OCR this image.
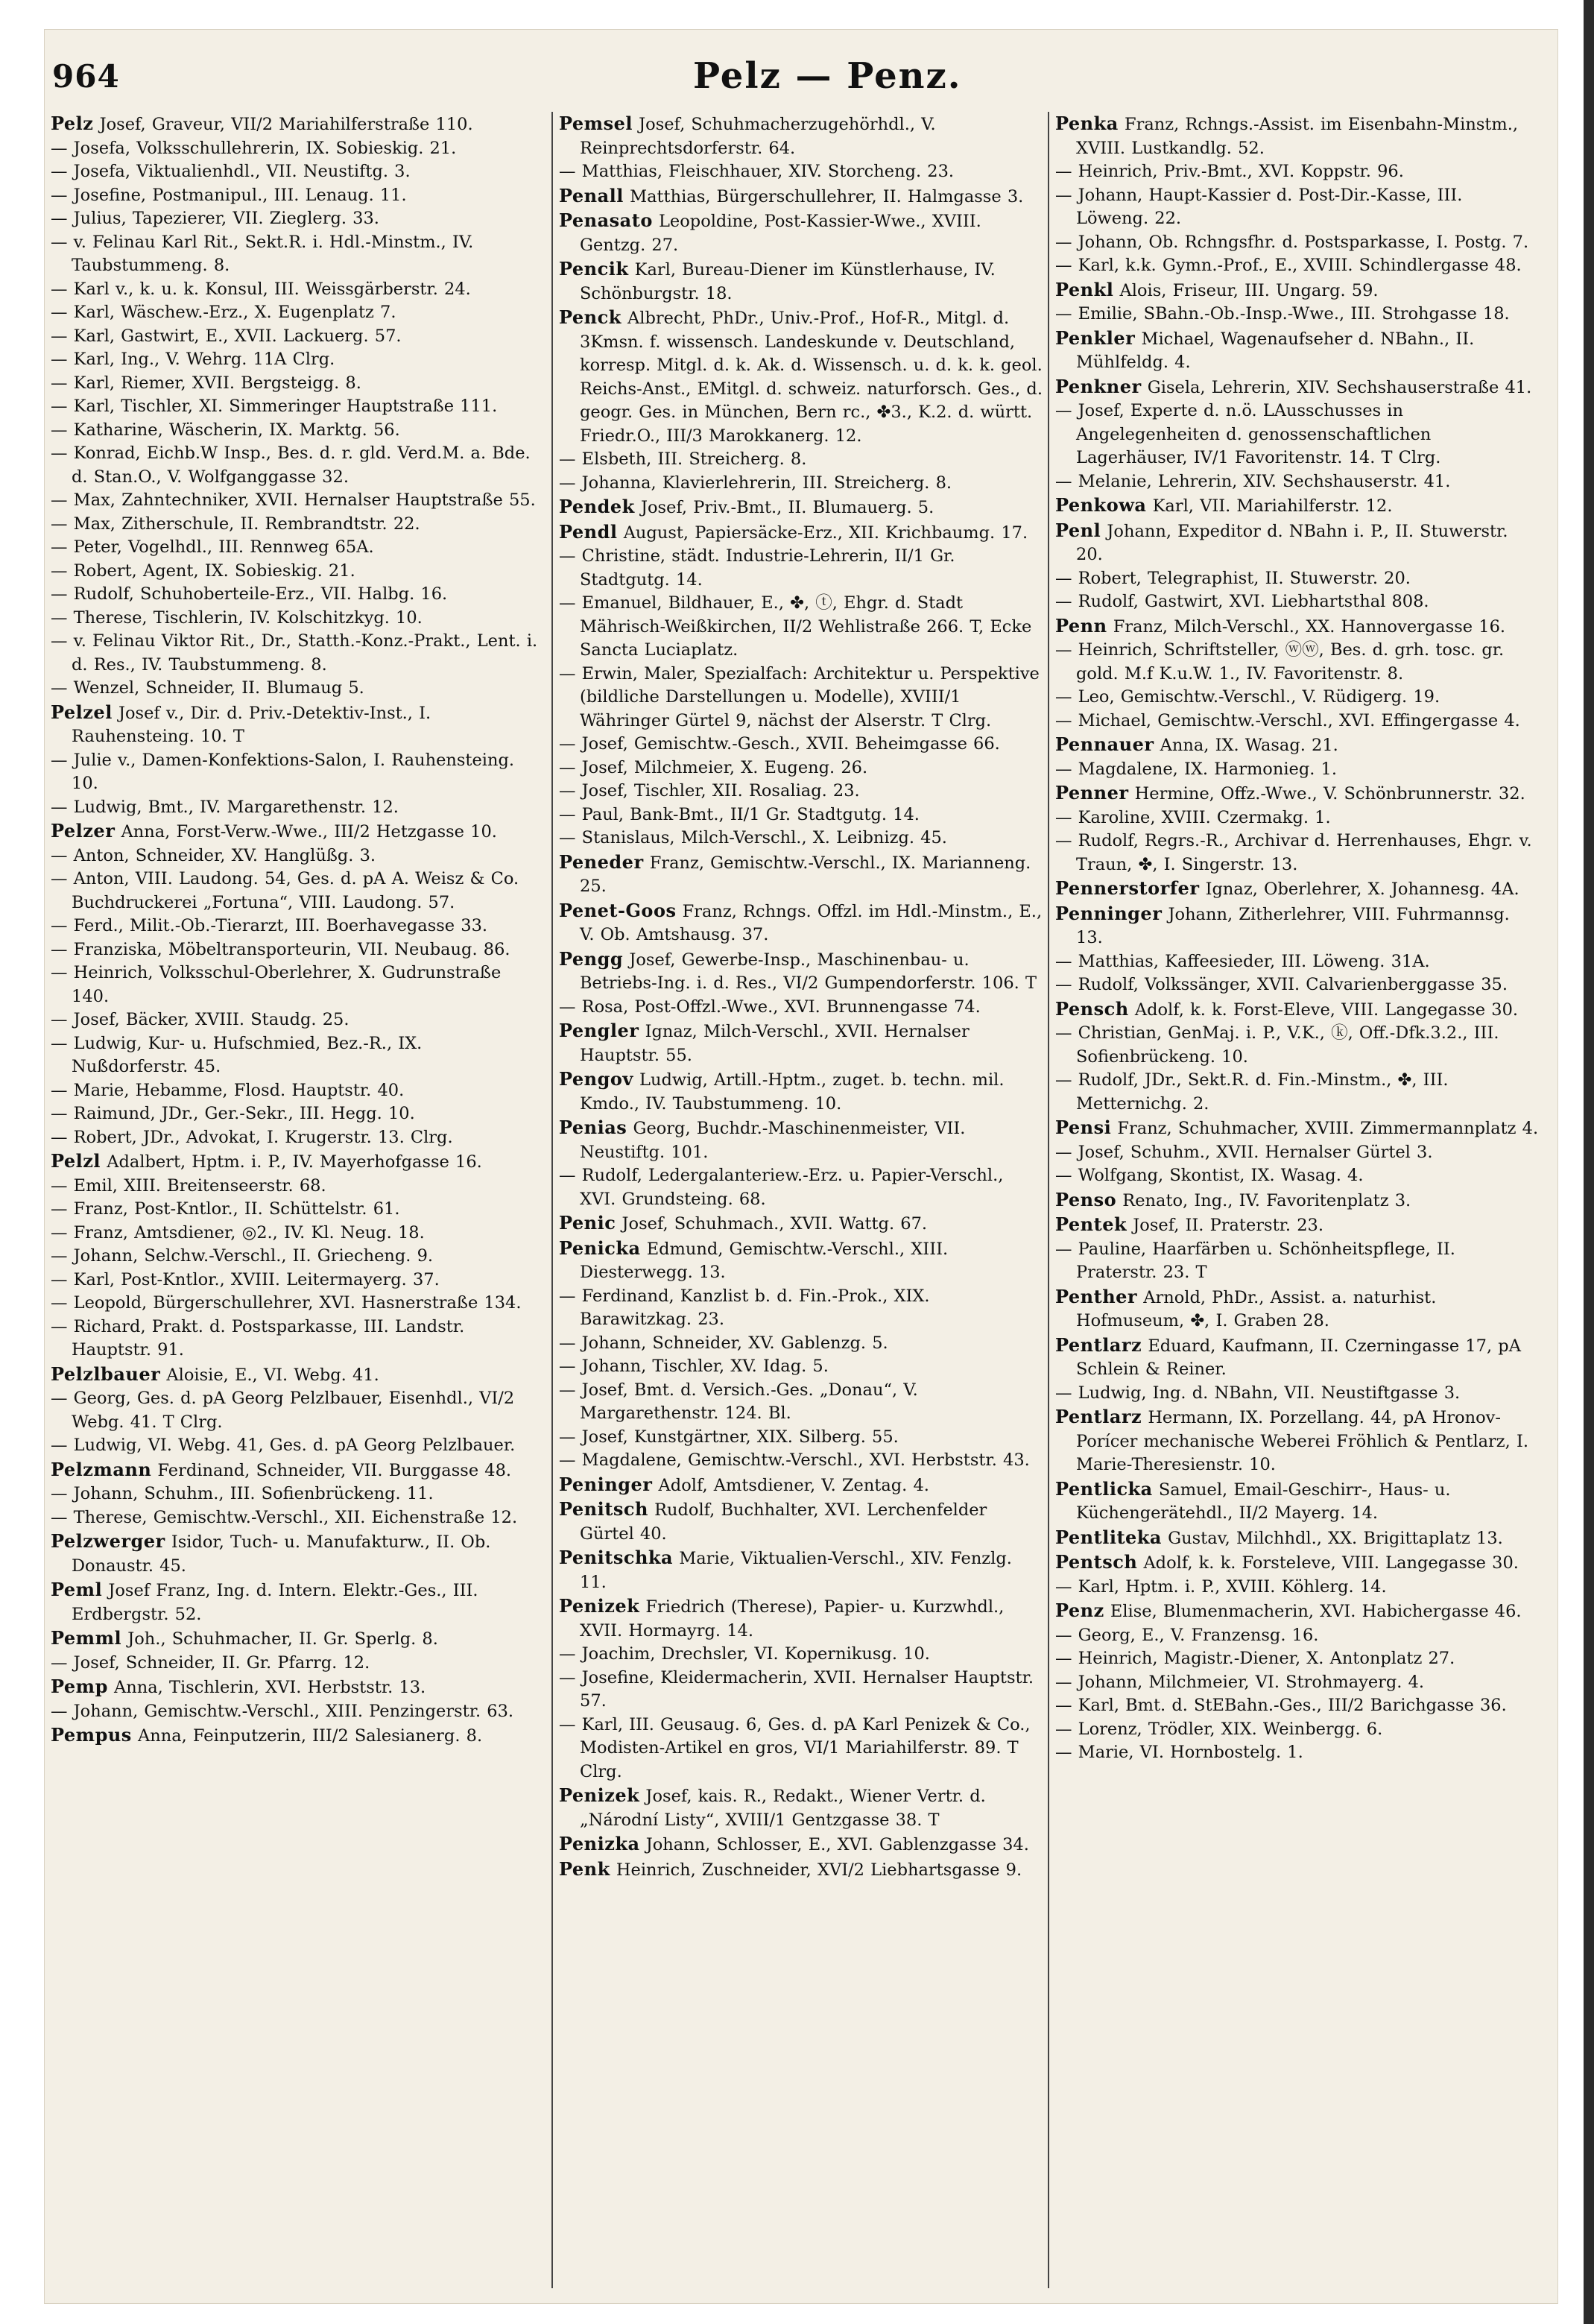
964	Pelz — Penz.
Pelz Josef, Graveur, VII/2 Mariahilferstraße 110.
— Josefa, Volksschullehrerin, IX. Sobieskig. 21.
— Josefa, Viktualienhdl., VII. Neustiftg. 3.
— Josefine, Postmanipul., III. Lenaug. 11.
— Julius, Tapezierer, VII. Zieglerg. 33.
— v. Felinau Karl Rit., Sekt.R. i. Hdl.-Minstm., IV. Taubstummeng. 8.
— Karl v., k. u. k. Konsul, III. Weissgärberstr. 24.
— Karl, Wäschew.-Erz., X. Eugenplatz 7.
— Karl, Gastwirt, E., XVII. Lackuerg. 57.
— Karl, Ing., V. Wehrg. 11A Clrg.
— Karl, Riemer, XVII. Bergsteigg. 8.
— Karl, Tischler, XI. Simmeringer Hauptstraße 111.
— Katharine, Wäscherin, IX. Marktg. 56.
— Konrad, Eichb.W Insp., Bes. d. r. gld. Verd.M. a. Bde. d. Stan.O., V. Wolfganggasse 32.
— Max, Zahntechniker, XVII. Hernalser Hauptstraße 55.
— Max, Zitherschule, II. Rembrandtstr. 22.
— Peter, Vogelhdl., III. Rennweg 65A.
— Robert, Agent, IX. Sobieskig. 21.
— Rudolf, Schuhoberteile-Erz., VII. Halbg. 16.
— Therese, Tischlerin, IV. Kolschitzkyg. 10.
— v. Felinau Viktor Rit., Dr., Statth.-Konz.-Prakt., Lent. i. d. Res., IV. Taubstummeng. 8.
— Wenzel, Schneider, II. Blumaug 5.
Pelzel Josef v., Dir. d. Priv.-Detektiv-Inst., I. Rauhensteing. 10. T
— Julie v., Damen-Konfektions-Salon, I. Rauhensteing. 10.
— Ludwig, Bmt., IV. Margarethenstr. 12.
Pelzer Anna, Forst-Verw.-Wwe., III/2 Hetzgasse 10.
— Anton, Schneider, XV. Hanglüßg. 3.
— Anton, VIII. Laudong. 54, Ges. d. pA A. Weisz & Co. Buchdruckerei „Fortuna“, VIII. Laudong. 57.
— Ferd., Milit.-Ob.-Tierarzt, III. Boerhavegasse 33.
— Franziska, Möbeltransporteurin, VII. Neubaug. 86.
— Heinrich, Volksschul-Oberlehrer, X. Gudrunstraße 140.
— Josef, Bäcker, XVIII. Staudg. 25.
— Ludwig, Kur- u. Hufschmied, Bez.-R., IX. Nußdorferstr. 45.
— Marie, Hebamme, Flosd. Hauptstr. 40.
— Raimund, JDr., Ger.-Sekr., III. Hegg. 10.
— Robert, JDr., Advokat, I. Krugerstr. 13. Clrg.
Pelzl Adalbert, Hptm. i. P., IV. Mayerhofgasse 16.
— Emil, XIII. Breitenseerstr. 68.
— Franz, Post-Kntlor., II. Schüttelstr. 61.
— Franz, Amtsdiener, ◎2., IV. Kl. Neug. 18.
— Johann, Selchw.-Verschl., II. Griecheng. 9.
— Karl, Post-Kntlor., XVIII. Leitermayerg. 37.
— Leopold, Bürgerschullehrer, XVI. Hasnerstraße 134.
— Richard, Prakt. d. Postsparkasse, III. Landstr. Hauptstr. 91.
Pelzlbauer Aloisie, E., VI. Webg. 41.
— Georg, Ges. d. pA Georg Pelzlbauer, Eisenhdl., VI/2 Webg. 41. T Clrg.
— Ludwig, VI. Webg. 41, Ges. d. pA Georg Pelzlbauer.
Pelzmann Ferdinand, Schneider, VII. Burggasse 48.
— Johann, Schuhm., III. Sofienbrückeng. 11.
— Therese, Gemischtw.-Verschl., XII. Eichenstraße 12.
Pelzwerger Isidor, Tuch- u. Manufakturw., II. Ob. Donaustr. 45.
Peml Josef Franz, Ing. d. Intern. Elektr.-Ges., III. Erdbergstr. 52.
Pemml Joh., Schuhmacher, II. Gr. Sperlg. 8.
— Josef, Schneider, II. Gr. Pfarrg. 12.
Pemp Anna, Tischlerin, XVI. Herbststr. 13.
— Johann, Gemischtw.-Verschl., XIII. Penzingerstr. 63.
Pempus Anna, Feinputzerin, III/2 Salesianerg. 8.
Pemsel Josef, Schuhmacherzugehörhdl., V. Reinprechtsdorferstr. 64.
— Matthias, Fleischhauer, XIV. Storcheng. 23.
Penall Matthias, Bürgerschullehrer, II. Halmgasse 3.
Penasato Leopoldine, Post-Kassier-Wwe., XVIII. Gentzg. 27.
Pencik Karl, Bureau-Diener im Künstlerhause, IV. Schönburgstr. 18.
Penck Albrecht, PhDr., Univ.-Prof., Hof-R., Mitgl. d. 3Kmsn. f. wissensch. Landeskunde v. Deutschland, korresp. Mitgl. d. k. Ak. d. Wissensch. u. d. k. k. geol. Reichs-Anst., EMitgl. d. schweiz. naturforsch. Ges., d. geogr. Ges. in München, Bern rc., ✤3., K.2. d. württ. Friedr.O., III/3 Marokkanerg. 12.
— Elsbeth, III. Streicherg. 8.
— Johanna, Klavierlehrerin, III. Streicherg. 8.
Pendek Josef, Priv.-Bmt., II. Blumauerg. 5.
Pendl August, Papiersäcke-Erz., XII. Krichbaumg. 17.
— Christine, städt. Industrie-Lehrerin, II/1 Gr. Stadtgutg. 14.
— Emanuel, Bildhauer, E., ✤, ⓣ, Ehgr. d. Stadt Mährisch-Weißkirchen, II/2 Wehlistraße 266. T, Ecke Sancta Luciaplatz.
— Erwin, Maler, Spezialfach: Architektur u. Perspektive (bildliche Darstellungen u. Modelle), XVIII/1 Währinger Gürtel 9, nächst der Alserstr. T Clrg.
— Josef, Gemischtw.-Gesch., XVII. Beheimgasse 66.
— Josef, Milchmeier, X. Eugeng. 26.
— Josef, Tischler, XII. Rosaliag. 23.
— Paul, Bank-Bmt., II/1 Gr. Stadtgutg. 14.
— Stanislaus, Milch-Verschl., X. Leibnizg. 45.
Peneder Franz, Gemischtw.-Verschl., IX. Marianneng. 25.
Penet-Goos Franz, Rchngs. Offzl. im Hdl.-Minstm., E., V. Ob. Amtshausg. 37.
Pengg Josef, Gewerbe-Insp., Maschinenbau- u. Betriebs-Ing. i. d. Res., VI/2 Gumpendorferstr. 106. T
— Rosa, Post-Offzl.-Wwe., XVI. Brunnengasse 74.
Pengler Ignaz, Milch-Verschl., XVII. Hernalser Hauptstr. 55.
Pengov Ludwig, Artill.-Hptm., zuget. b. techn. mil. Kmdo., IV. Taubstummeng. 10.
Penias Georg, Buchdr.-Maschinenmeister, VII. Neustiftg. 101.
— Rudolf, Ledergalanteriew.-Erz. u. Papier-Verschl., XVI. Grundsteing. 68.
Penic Josef, Schuhmach., XVII. Wattg. 67.
Penicka Edmund, Gemischtw.-Verschl., XIII. Diesterwegg. 13.
— Ferdinand, Kanzlist b. d. Fin.-Prok., XIX. Barawitzkag. 23.
— Johann, Schneider, XV. Gablenzg. 5.
— Johann, Tischler, XV. Idag. 5.
— Josef, Bmt. d. Versich.-Ges. „Donau“, V. Margarethenstr. 124. Bl.
— Josef, Kunstgärtner, XIX. Silberg. 55.
— Magdalene, Gemischtw.-Verschl., XVI. Herbststr. 43.
Peninger Adolf, Amtsdiener, V. Zentag. 4.
Penitsch Rudolf, Buchhalter, XVI. Lerchenfelder Gürtel 40.
Penitschka Marie, Viktualien-Verschl., XIV. Fenzlg. 11.
Penizek Friedrich (Therese), Papier- u. Kurzwhdl., XVII. Hormayrg. 14.
— Joachim, Drechsler, VI. Kopernikusg. 10.
— Josefine, Kleidermacherin, XVII. Hernalser Hauptstr. 57.
— Karl, III. Geusaug. 6, Ges. d. pA Karl Penizek & Co., Modisten-Artikel en gros, VI/1 Mariahilferstr. 89. T Clrg.
Penizek Josef, kais. R., Redakt., Wiener Vertr. d. „Národní Listy“, XVIII/1 Gentzgasse 38. T
Penizka Johann, Schlosser, E., XVI. Gablenzgasse 34.
Penk Heinrich, Zuschneider, XVI/2 Liebhartsgasse 9.
Penka Franz, Rchngs.-Assist. im Eisenbahn-Minstm., XVIII. Lustkandlg. 52.
— Heinrich, Priv.-Bmt., XVI. Koppstr. 96.
— Johann, Haupt-Kassier d. Post-Dir.-Kasse, III. Löweng. 22.
— Johann, Ob. Rchngsfhr. d. Postsparkasse, I. Postg. 7.
— Karl, k.k. Gymn.-Prof., E., XVIII. Schindlergasse 48.
Penkl Alois, Friseur, III. Ungarg. 59.
— Emilie, SBahn.-Ob.-Insp.-Wwe., III. Strohgasse 18.
Penkler Michael, Wagenaufseher d. NBahn., II. Mühlfeldg. 4.
Penkner Gisela, Lehrerin, XIV. Sechshauserstraße 41.
— Josef, Experte d. n.ö. LAusschusses in Angelegenheiten d. genossenschaftlichen Lagerhäuser, IV/1 Favoritenstr. 14. T Clrg.
— Melanie, Lehrerin, XIV. Sechshauserstr. 41.
Penkowa Karl, VII. Mariahilferstr. 12.
Penl Johann, Expeditor d. NBahn i. P., II. Stuwerstr. 20.
— Robert, Telegraphist, II. Stuwerstr. 20.
— Rudolf, Gastwirt, XVI. Liebhartsthal 808.
Penn Franz, Milch-Verschl., XX. Hannovergasse 16.
— Heinrich, Schriftsteller, ⓦⓦ, Bes. d. grh. tosc. gr. gold. M.f K.u.W. 1., IV. Favoritenstr. 8.
— Leo, Gemischtw.-Verschl., V. Rüdigerg. 19.
— Michael, Gemischtw.-Verschl., XVI. Effingergasse 4.
Pennauer Anna, IX. Wasag. 21.
— Magdalene, IX. Harmonieg. 1.
Penner Hermine, Offz.-Wwe., V. Schönbrunnerstr. 32.
— Karoline, XVIII. Czermakg. 1.
— Rudolf, Regrs.-R., Archivar d. Herrenhauses, Ehgr. v. Traun, ✤, I. Singerstr. 13.
Pennerstorfer Ignaz, Oberlehrer, X. Johannesg. 4A.
Penninger Johann, Zitherlehrer, VIII. Fuhrmannsg. 13.
— Matthias, Kaffeesieder, III. Löweng. 31A.
— Rudolf, Volkssänger, XVII. Calvarienberggasse 35.
Pensch Adolf, k. k. Forst-Eleve, VIII. Langegasse 30.
— Christian, GenMaj. i. P., V.K., ⓚ, Off.-Dfk.3.2., III. Sofienbrückeng. 10.
— Rudolf, JDr., Sekt.R. d. Fin.-Minstm., ✤, III. Metternichg. 2.
Pensi Franz, Schuhmacher, XVIII. Zimmermannplatz 4.
— Josef, Schuhm., XVII. Hernalser Gürtel 3.
— Wolfgang, Skontist, IX. Wasag. 4.
Penso Renato, Ing., IV. Favoritenplatz 3.
Pentek Josef, II. Praterstr. 23.
— Pauline, Haarfärben u. Schönheitspflege, II. Praterstr. 23. T
Penther Arnold, PhDr., Assist. a. naturhist. Hofmuseum, ✤, I. Graben 28.
Pentlarz Eduard, Kaufmann, II. Czerningasse 17, pA Schlein & Reiner.
— Ludwig, Ing. d. NBahn, VII. Neustiftgasse 3.
Pentlarz Hermann, IX. Porzellang. 44, pA Hronov-Porícer mechanische Weberei Fröhlich & Pentlarz, I. Marie-Theresienstr. 10.
Pentlicka Samuel, Email-Geschirr-, Haus- u. Küchengerätehdl., II/2 Mayerg. 14.
Pentliteka Gustav, Milchhdl., XX. Brigittaplatz 13.
Pentsch Adolf, k. k. Forsteleve, VIII. Langegasse 30.
— Karl, Hptm. i. P., XVIII. Köhlerg. 14.
Penz Elise, Blumenmacherin, XVI. Habichergasse 46.
— Georg, E., V. Franzensg. 16.
— Heinrich, Magistr.-Diener, X. Antonplatz 27.
— Johann, Milchmeier, VI. Strohmayerg. 4.
— Karl, Bmt. d. StEBahn.-Ges., III/2 Barichgasse 36.
— Lorenz, Trödler, XIX. Weinbergg. 6.
— Marie, VI. Hornbostelg. 1.
